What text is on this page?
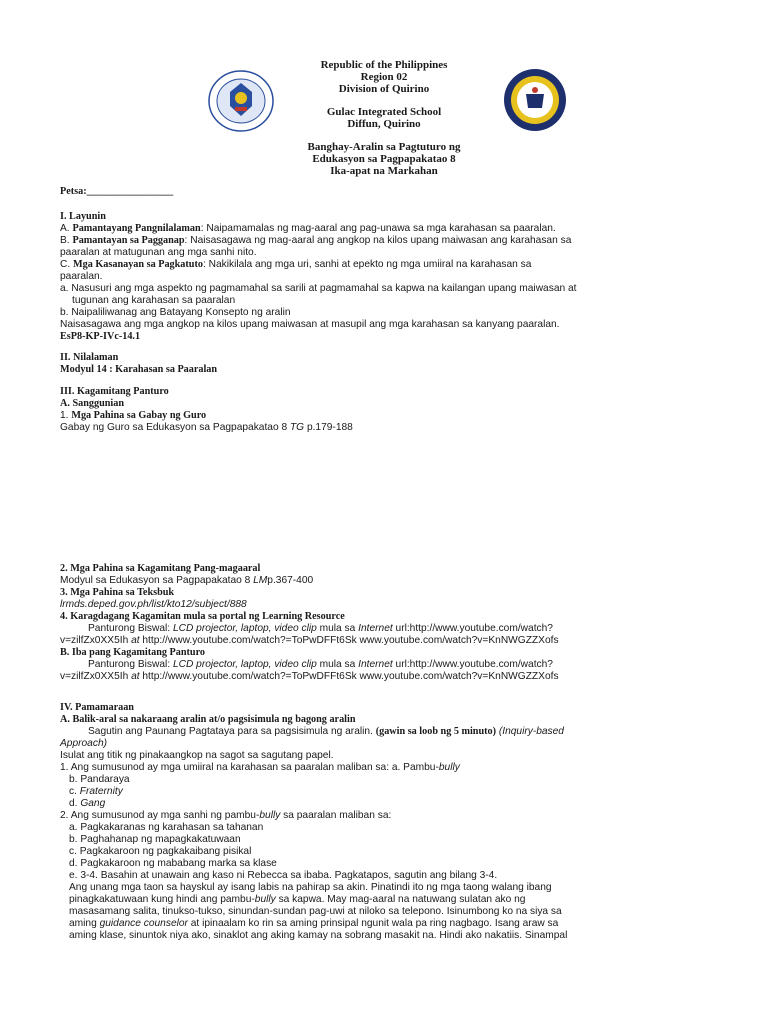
Republic of the Philippines
Region 02
Division of Quirino
Gulac Integrated School
Diffun, Quirino
Banghay-Aralin sa Pagtuturo ng
Edukasyon sa Pagpapakatao 8
Ika-apat na Markahan
Petsa:_________________
I. Layunin
A. Pamantayang Pangnilalaman: Naipamamalas ng mag-aaral ang pag-unawa sa mga karahasan sa paaralan.
B. Pamantayan sa Pagganap: Naisasagawa ng mag-aaral ang angkop na kilos upang maiwasan ang karahasan sa
paaralan at matugunan ang mga sanhi nito.
C. Mga Kasanayan sa Pagkatuto: Nakikilala ang mga uri, sanhi at epekto ng mga umiiral na karahasan sa
paaralan.
a. Nasusuri ang mga aspekto ng pagmamahal sa sarili at pagmamahal sa kapwa na kailangan upang maiwasan at
tugunan ang karahasan sa paaralan
b. Naipaliliwanag ang Batayang Konsepto ng aralin
Naisasagawa ang mga angkop na kilos upang maiwasan at masupil ang mga karahasan sa kanyang paaralan.
EsP8-KP-IVc-14.1
II. Nilalaman
Modyul 14 : Karahasan sa Paaralan
III. Kagamitang Panturo
A. Sanggunian
1. Mga Pahina sa Gabay ng Guro
Gabay ng Guro sa Edukasyon sa Pagpapakatao 8 TG p.179-188
2. Mga Pahina sa Kagamitang Pang-magaaral
Modyul sa Edukasyon sa Pagpapakatao 8 LMp.367-400
3. Mga Pahina sa Teksbuk
lrmds.deped.gov.ph/list/kto12/subject/888
4. Karagdagang Kagamitan mula sa portal ng Learning Resource
Panturong Biswal: LCD projector, laptop, video clip mula sa Internet url:http://www.youtube.com/watch?
v=zilfZx0XX5Ih at http://www.youtube.com/watch?=ToPwDFFt6Sk www.youtube.com/watch?v=KnNWGZZXofs
B. Iba pang Kagamitang Panturo
Panturong Biswal: LCD projector, laptop, video clip mula sa Internet url:http://www.youtube.com/watch?
v=zilfZx0XX5Ih at http://www.youtube.com/watch?=ToPwDFFt6Sk www.youtube.com/watch?v=KnNWGZZXofs
IV. Pamamaraan
A. Balik-aral sa nakaraang aralin at/o pagsisimula ng bagong aralin
Sagutin ang Paunang Pagtataya para sa pagsisimula ng aralin. (gawin sa loob ng 5 minuto) (Inquiry-based
Approach)
Isulat ang titik ng pinakaangkop na sagot sa sagutang papel.
1. Ang sumusunod ay mga umiiral na karahasan sa paaralan maliban sa: a. Pambu-bully
b. Pandaraya
c. Fraternity
d. Gang
2. Ang sumusunod ay mga sanhi ng pambu-bully sa paaralan maliban sa:
a. Pagkakaranas ng karahasan sa tahanan
b. Paghahanap ng mapagkakatuwaan
c. Pagkakaroon ng pagkakaibang pisikal
d. Pagkakaroon ng mababang marka sa klase
e. 3-4. Basahin at unawain ang kaso ni Rebecca sa ibaba. Pagkatapos, sagutin ang bilang 3-4.
Ang unang mga taon sa hayskul ay isang labis na pahirap sa akin. Pinatindi ito ng mga taong walang ibang
pinagkakatuwaan kung hindi ang pambu-bully sa kapwa. May mag-aaral na natuwang sulatan ako ng
masasamang salita, tinukso-tukso, sinundan-sundan pag-uwi at niloko sa telepono. Isinumbong ko na siya sa
aming guidance counselor at ipinaalam ko rin sa aming prinsipal ngunit wala pa ring nagbago. Isang araw sa
aming klase, sinuntok niya ako, sinaklot ang aking kamay na sobrang masakit na. Hindi ako nakatiis. Sinampal
